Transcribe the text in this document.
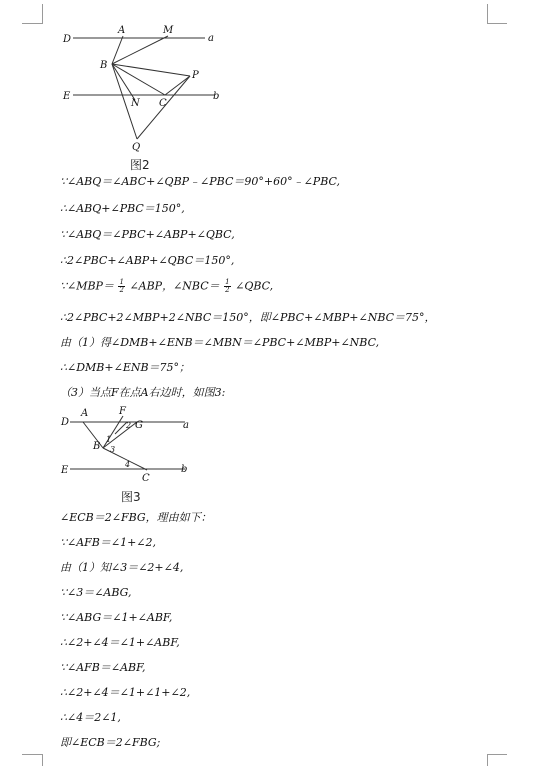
D
A	M
a
B
P
E
N C
b
Q
图2
∵∠ABQ＝∠ABC+∠QBP﹣∠PBC＝90°+60°﹣∠PBC,
∴∠ABQ+∠PBC＝150°,
∵∠ABQ＝∠PBC+∠ABP+∠QBC,
∴2∠PBC+∠ABP+∠QBC＝150°,
∵∠MBP＝ $\frac{1}{2}$ ∠ABP，∠NBC＝ $\frac{1}{2}$ ∠QBC,
∴2∠PBC+2∠MBP+2∠NBC＝150°，即∠PBC+∠MBP+∠NBC＝75°，
由（1）得∠DMB+∠ENB＝∠MBN＝∠PBC+∠MBP+∠NBC,
∴∠DMB+∠ENB＝75°；
（3）当点F在点A右边时，如图3:
D
A	F
G	a
2
B
1
3
E
4
C
b
图3
∠ECB＝2∠FBG，理由如下：
∵∠AFB＝∠1+∠2,
由（1）知∠3＝∠2+∠4,
∵∠3＝∠ABG,
∵∠ABG＝∠1+∠ABF,
∴∠2+∠4＝∠1+∠ABF,
∵∠AFB＝∠ABF,
∴∠2+∠4＝∠1+∠1+∠2,
∴∠4＝2∠1,
即∠ECB＝2∠FBG;
